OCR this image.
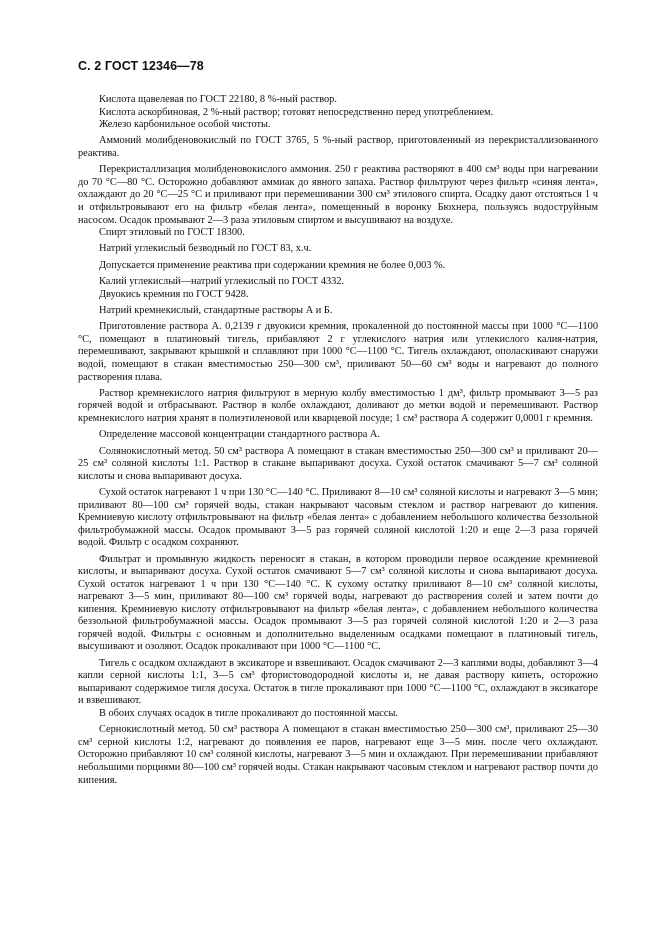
С. 2 ГОСТ 12346—78

Кислота щавелевая по ГОСТ 22180, 8 %-ный раствор.

Кислота аскорбиновая, 2 %-ный раствор; готовят непосредственно перед употреблением.

Железо карбонильное особой чистоты.

Аммоний молибденовокислый по ГОСТ 3765, 5 %-ный раствор, приготовленный из перекристаллизованного реактива.

Перекристаллизация молибденовокислого аммония. 250 г реактива растворяют в 400 см³ воды при нагревании до 70 °С—80 °С. Осторожно добавляют аммиак до явного запаха. Раствор фильтруют через фильтр «синяя лента», охлаждают до 20 °С—25 °С и приливают при перемешивании 300 см³ этилового спирта. Осадку дают отстояться 1 ч и отфильтровывают его на фильтр «белая лента», помещенный в воронку Бюхнера, пользуясь водоструйным насосом. Осадок промывают 2—3 раза этиловым спиртом и высушивают на воздухе.

Спирт этиловый по ГОСТ 18300.

Натрий углекислый безводный по ГОСТ 83, х.ч.

Допускается применение реактива при содержании кремния не более 0,003 %.

Калий углекислый—натрий углекислый по ГОСТ 4332.

Двуокись кремния по ГОСТ 9428.

Натрий кремнекислый, стандартные растворы А и Б.

Приготовление раствора А. 0,2139 г двуокиси кремния, прокаленной до постоянной массы при 1000 °С—1100 °С, помещают в платиновый тигель, прибавляют 2 г углекислого натрия или углекислого калия-натрия, перемешивают, закрывают крышкой и сплавляют при 1000 °С—1100 °С. Тигель охлаждают, ополаскивают снаружи водой, помещают в стакан вместимостью 250—300 см³, приливают 50—60 см³ воды и нагревают до полного растворения плава.

Раствор кремнекислого натрия фильтруют в мерную колбу вместимостью 1 дм³, фильтр промывают 3—5 раз горячей водой и отбрасывают. Раствор в колбе охлаждают, доливают до метки водой и перемешивают. Раствор кремнекислого натрия хранят в полиэтиленовой или кварцевой посуде; 1 см³ раствора А содержит 0,0001 г кремния.

Определение массовой концентрации стандартного раствора А.

Солянокислотный метод. 50 см³ раствора А помещают в стакан вместимостью 250—300 см³ и приливают 20—25 см³ соляной кислоты 1:1. Раствор в стакане выпаривают досуха. Сухой остаток смачивают 5—7 см³ соляной кислоты и снова выпаривают досуха.

Сухой остаток нагревают 1 ч при 130 °С—140 °С. Приливают 8—10 см³ соляной кислоты и нагревают 3—5 мин; приливают 80—100 см³ горячей воды, стакан накрывают часовым стеклом и раствор нагревают до кипения. Кремниевую кислоту отфильтровывают на фильтр «белая лента» с добавлением небольшого количества беззольной фильтробумажной массы. Осадок промывают 3—5 раз горячей соляной кислотой 1:20 и еще 2—3 раза горячей водой. Фильтр с осадком сохраняют.

Фильтрат и промывную жидкость переносят в стакан, в котором проводили первое осаждение кремниевой кислоты, и выпаривают досуха. Сухой остаток смачивают 5—7 см³ соляной кислоты и снова выпаривают досуха. Сухой остаток нагревают 1 ч при 130 °С—140 °С. К сухому остатку приливают 8—10 см³ соляной кислоты, нагревают 3—5 мин, приливают 80—100 см³ горячей воды, нагревают до растворения солей и затем почти до кипения. Кремниевую кислоту отфильтровывают на фильтр «белая лента», с добавлением небольшого количества беззольной фильтробумажной массы. Осадок промывают 3—5 раз горячей соляной кислотой 1:20 и 2—3 раза горячей водой. Фильтры с основным и дополнительно выделенным осадками помещают в платиновый тигель, высушивают и озоляют. Осадок прокаливают при 1000 °С—1100 °С.

Тигель с осадком охлаждают в эксикаторе и взвешивают. Осадок смачивают 2—3 каплями воды, добавляют 3—4 капли серной кислоты 1:1, 3—5 см³ фтористоводородной кислоты и, не давая раствору кипеть, осторожно выпаривают содержимое тигля досуха. Остаток в тигле прокаливают при 1000 °С—1100 °С, охлаждают в эксикаторе и взвешивают.

В обоих случаях осадок в тигле прокаливают до постоянной массы.

Сернокислотный метод. 50 см³ раствора А помещают в стакан вместимостью 250—300 см³, приливают 25—30 см³ серной кислоты 1:2, нагревают до появления ее паров, нагревают еще 3—5 мин. после чего охлаждают. Осторожно прибавляют 10 см³ соляной кислоты, нагревают 3—5 мин и охлаждают. При перемешивании прибавляют небольшими порциями 80—100 см³ горячей воды. Стакан накрывают часовым стеклом и нагревают раствор почти до кипения.
